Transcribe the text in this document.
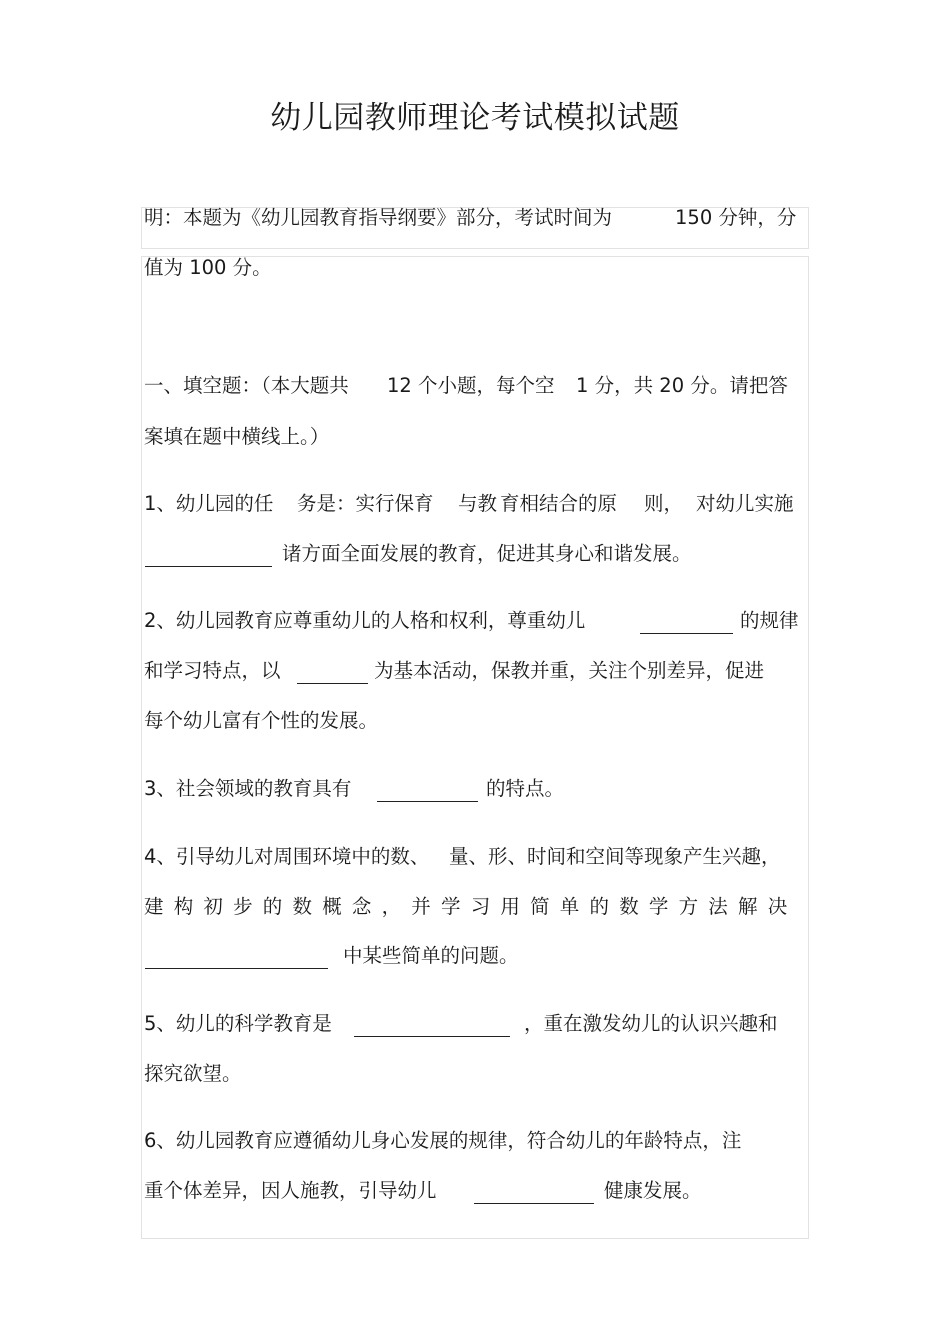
幼儿园教师理论考试模拟试题
明：本题为《幼儿园教育指导纲要》部分，考试时间为	150 分钟，分
值为 100 分。
一、填空题：（本大题共 12 个小题，每个空 1 分，共 20 分。请把答
案填在题中横线上。）
1、幼儿园的任 务是：实行保育 与教 育相结合的原 则， 对幼儿实施
诸方面全面发展的教育，促进其身心和谐发展。
2、幼儿园教育应尊重幼儿的人格和权利，尊重幼儿	的规律
和学习特点，以	为基本活动，保教并重，关注个别差异，促进
每个幼儿富有个性的发展。
3、社会领域的教育具有	的特点。
4、引导幼儿对周围环境中的数、 量、形、时间和空间等现象产生兴趣，
建构初步的数概念，并学习用简单的数学方法解决
中某些简单的问题。
5、幼儿的科学教育是	，重在激发幼儿的认识兴趣和
探究欲望。
6、幼儿园教育应遵循幼儿身心发展的规律，符合幼儿的年龄特点，注
重个体差异，因人施教，引导幼儿	健康发展。
